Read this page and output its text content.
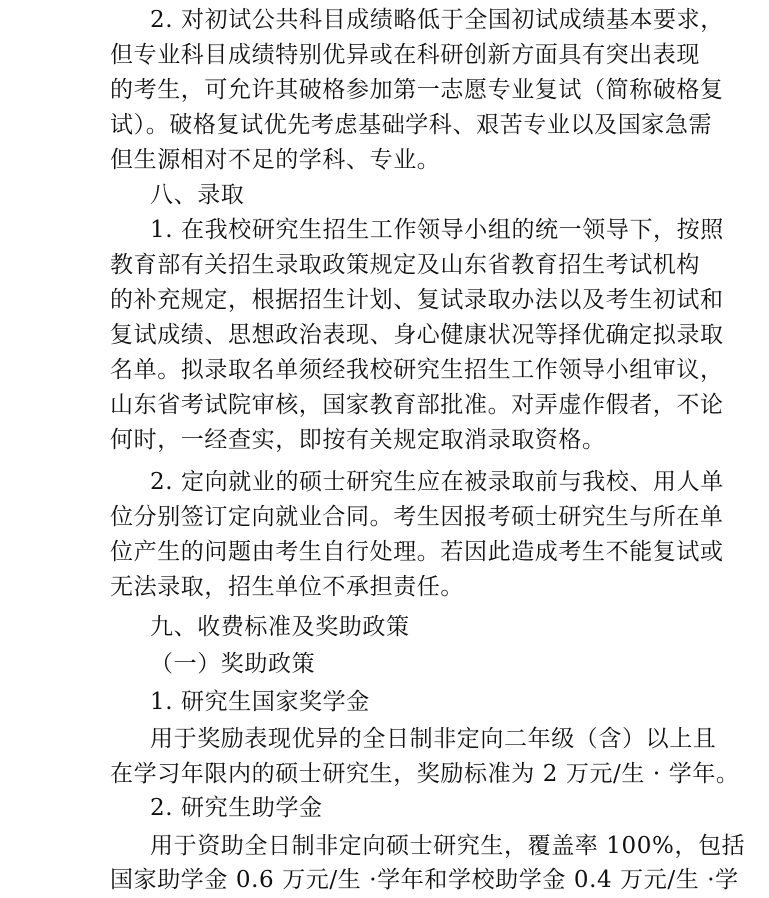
2. 对初试公共科目成绩略低于全国初试成绩基本要求，
但专业科目成绩特别优异或在科研创新方面具有突出表现
的考生，可允许其破格参加第一志愿专业复试（简称破格复
试）。破格复试优先考虑基础学科、艰苦专业以及国家急需
但生源相对不足的学科、专业。
八、录取
1. 在我校研究生招生工作领导小组的统一领导下，按照
教育部有关招生录取政策规定及山东省教育招生考试机构
的补充规定，根据招生计划、复试录取办法以及考生初试和
复试成绩、思想政治表现、身心健康状况等择优确定拟录取
名单。拟录取名单须经我校研究生招生工作领导小组审议，
山东省考试院审核，国家教育部批准。对弄虚作假者，不论
何时，一经查实，即按有关规定取消录取资格。
2. 定向就业的硕士研究生应在被录取前与我校、用人单
位分别签订定向就业合同。考生因报考硕士研究生与所在单
位产生的问题由考生自行处理。若因此造成考生不能复试或
无法录取，招生单位不承担责任。
九、收费标准及奖助政策
（一）奖助政策
1. 研究生国家奖学金
用于奖励表现优异的全日制非定向二年级（含）以上且
在学习年限内的硕士研究生，奖励标准为 2 万元/生 · 学年。
2. 研究生助学金
用于资助全日制非定向硕士研究生，覆盖率 100%，包括
国家助学金 0.6 万元/生 ·学年和学校助学金 0.4 万元/生 ·学
